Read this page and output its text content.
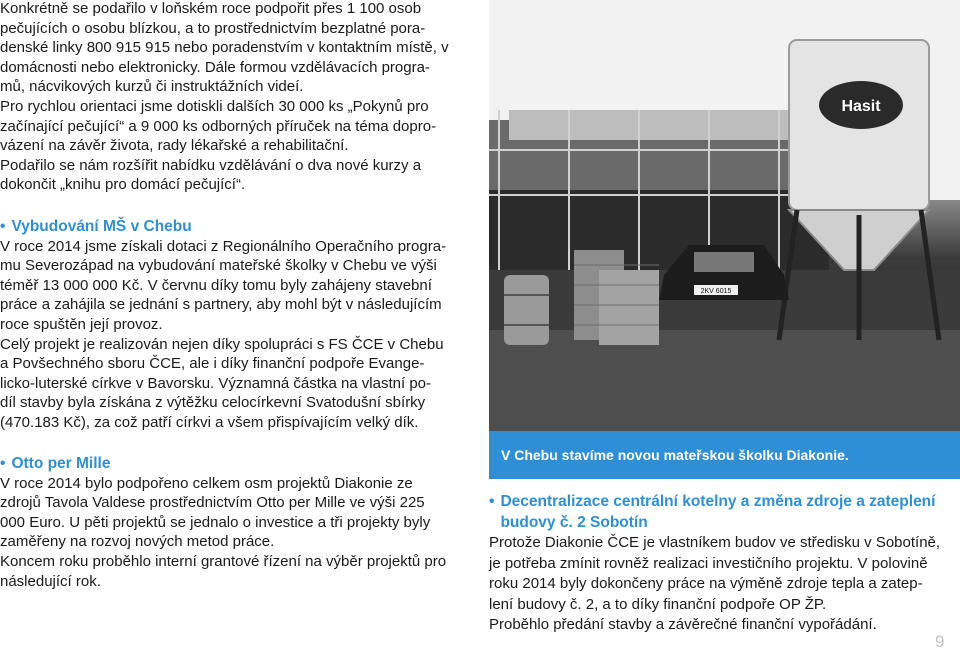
Konkrétně se podařilo v loňském roce podpořit přes 1 100 osob

pečujících o osobu blízkou, a to prostřednictvím bezplatné pora-

denské linky 800 915 915 nebo poradenstvím v kontaktním místě, v

domácnosti nebo elektronicky. Dále formou vzdělávacích progra-

mů, nácvikových kurzů či instruktážních videí.

Pro rychlou orientaci jsme dotiskli dalších 30 000 ks „Pokynů pro

začínající pečující“ a 9 000 ks odborných příruček na téma dopro-

vázení na závěr života, rady lékařské a rehabilitační.

Podařilo se nám rozšířit nabídku vzdělávání o dva nové kurzy a

dokončit „knihu pro domácí pečující“.

• Vybudování MŠ v Chebu

V roce 2014 jsme získali dotaci z Regionálního Operačního progra-

mu Severozápad na vybudování mateřské školky v Chebu ve výši

téměř 13 000 000 Kč. V červnu díky tomu byly zahájeny stavební

práce a zahájila se jednání s partnery, aby mohl být v následujícím

roce spuštěn její provoz.

Celý projekt je realizován nejen díky spolupráci s FS ČCE v Chebu

a Povšechného sboru ČCE, ale i díky finanční podpoře Evange-

licko-luterské církve v Bavorsku. Významná částka na vlastní po-

díl stavby byla získána z výtěžku celocírkevní Svatodušní sbírky

(470.183 Kč), za což patří církvi a všem přispívajícím velký dík.

• Otto per Mille

V roce 2014 bylo podpořeno celkem osm projektů Diakonie ze

zdrojů Tavola Valdese prostřednictvím Otto per Mille ve výši 225

000 Euro. U pěti projektů se jednalo o investice a tři projekty byly

zaměřeny na rozvoj nových metod práce.

Koncem roku proběhlo interní grantové řízení na výběr projektů pro

následující rok.

Hasit
2KV 6015
V Chebu stavíme novou mateřskou školku Diakonie.
• Decentralizace centrální kotelny a změna zdroje a zateplení
budovy č. 2 Sobotín

Protože Diakonie ČCE je vlastníkem budov ve středisku v Sobotíně,

je potřeba zmínit rovněž realizaci investičního projektu. V polovině

roku 2014 byly dokončeny práce na výměně zdroje tepla a zatep-

lení budovy č. 2, a to díky finanční podpoře OP ŽP.

Proběhlo předání stavby a závěrečné finanční vypořádání.

9
